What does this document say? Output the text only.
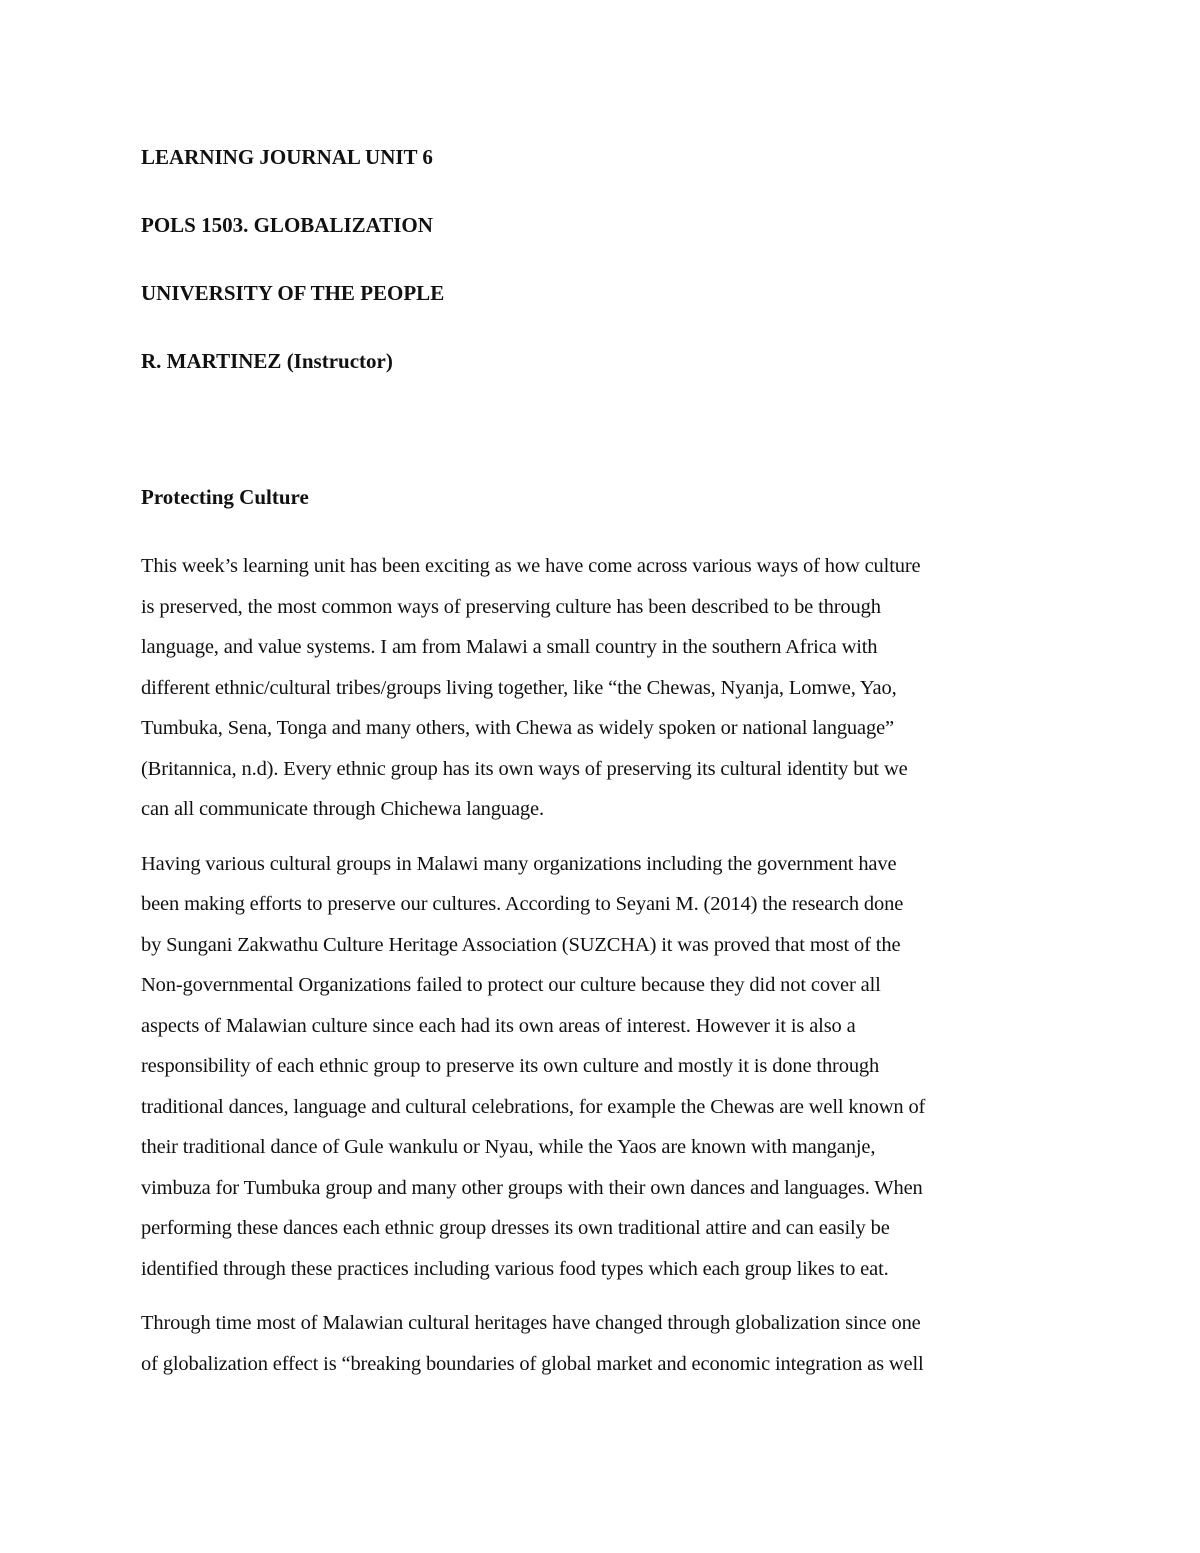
LEARNING JOURNAL UNIT 6

POLS 1503. GLOBALIZATION

UNIVERSITY OF THE PEOPLE

R. MARTINEZ (Instructor)

Protecting Culture

This week’s learning unit has been exciting as we have come across various ways of how culture
is preserved, the most common ways of preserving culture has been described to be through
language, and value systems. I am from Malawi a small country in the southern Africa with
different ethnic/cultural tribes/groups living together, like “the Chewas, Nyanja, Lomwe, Yao,
Tumbuka, Sena, Tonga and many others, with Chewa as widely spoken or national language”
(Britannica, n.d). Every ethnic group has its own ways of preserving its cultural identity but we
can all communicate through Chichewa language.
Having various cultural groups in Malawi many organizations including the government have
been making efforts to preserve our cultures. According to Seyani M. (2014) the research done
by Sungani Zakwathu Culture Heritage Association (SUZCHA) it was proved that most of the
Non-governmental Organizations failed to protect our culture because they did not cover all
aspects of Malawian culture since each had its own areas of interest. However it is also a
responsibility of each ethnic group to preserve its own culture and mostly it is done through
traditional dances, language and cultural celebrations, for example the Chewas are well known of
their traditional dance of Gule wankulu or Nyau, while the Yaos are known with manganje,
vimbuza for Tumbuka group and many other groups with their own dances and languages. When
performing these dances each ethnic group dresses its own traditional attire and can easily be
identified through these practices including various food types which each group likes to eat.
Through time most of Malawian cultural heritages have changed through globalization since one
of globalization effect is “breaking boundaries of global market and economic integration as well
